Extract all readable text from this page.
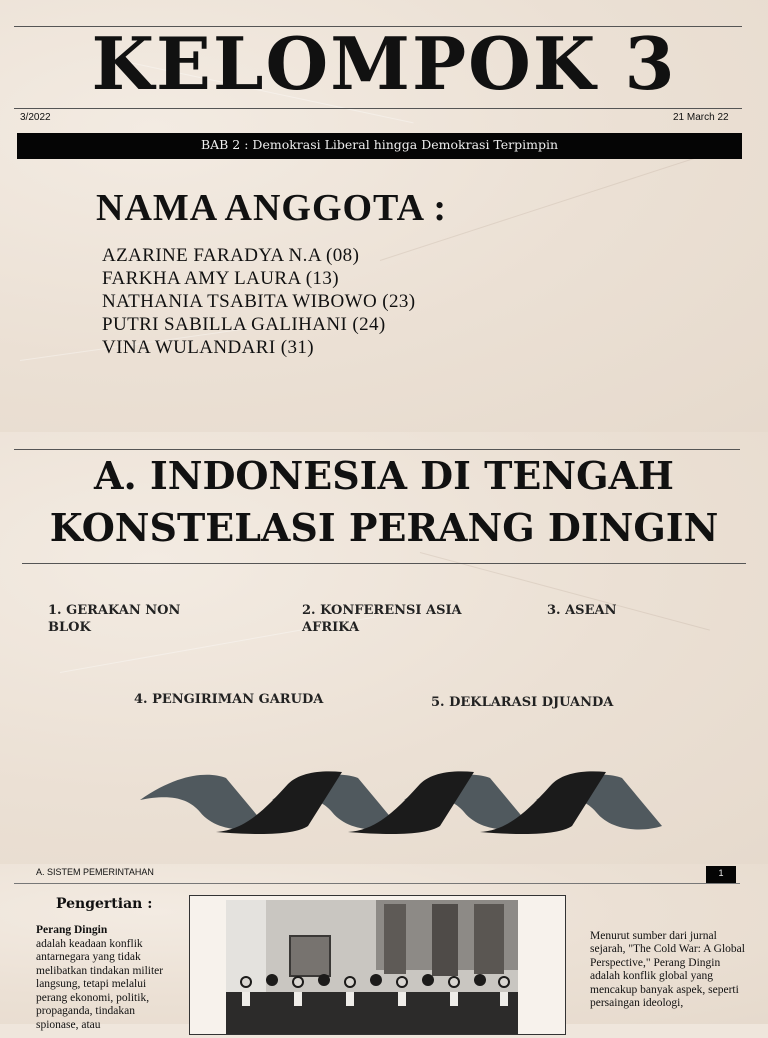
KELOMPOK 3
3/2022	21 March 22
BAB 2 : Demokrasi Liberal hingga Demokrasi Terpimpin
NAMA ANGGOTA :
AZARINE FARADYA N.A (08)
FARKHA AMY LAURA (13)
NATHANIA TSABITA WIBOWO (23)
PUTRI SABILLA GALIHANI (24)
VINA WULANDARI (31)
A. INDONESIA DI TENGAH
KONSTELASI PERANG DINGIN
1. GERAKAN NON BLOK
2. KONFERENSI ASIA AFRIKA
3. ASEAN
4. PENGIRIMAN GARUDA	5. DEKLARASI DJUANDA
A. SISTEM PEMERINTAHAN	1
Pengertian :

Perang Dingin
adalah keadaan konflik antarnegara yang tidak melibatkan tindakan militer langsung, tetapi melalui perang ekonomi, politik, propaganda, tindakan spionase, atau

Menurut sumber dari jurnal sejarah, "The Cold War: A Global Perspective," Perang Dingin adalah konflik global yang mencakup banyak aspek, seperti persaingan ideologi,
